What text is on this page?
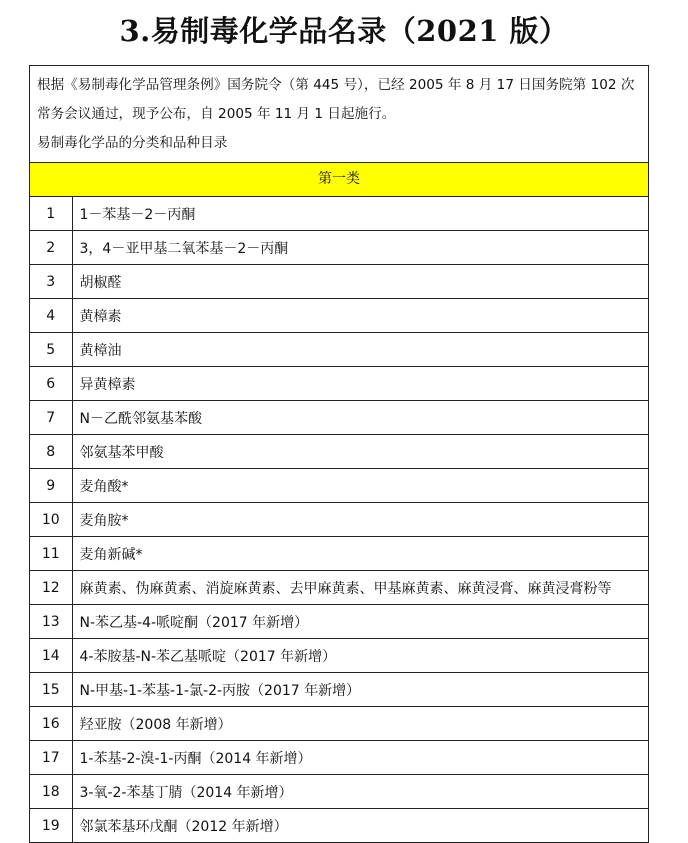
3.易制毒化学品名录（2021 版）

根据《易制毒化学品管理条例》国务院令（第 445 号），已经 2005 年 8 月 17 日国务院第 102 次常务会议通过，现予公布，自 2005 年 11 月 1 日起施行。

易制毒化学品的分类和品种目录

第一类
1	1－苯基－2－丙酮
2	3，4－亚甲基二氧苯基－2－丙酮
3	胡椒醛
4	黄樟素
5	黄樟油
6	异黄樟素
7	N－乙酰邻氨基苯酸
8	邻氨基苯甲酸
9	麦角酸*
10	麦角胺*
11	麦角新碱*
12	麻黄素、伪麻黄素、消旋麻黄素、去甲麻黄素、甲基麻黄素、麻黄浸膏、麻黄浸膏粉等
13	N-苯乙基-4-哌啶酮（2017 年新增）
14	4-苯胺基-N-苯乙基哌啶（2017 年新增）
15	N-甲基-1-苯基-1-氯-2-丙胺（2017 年新增）
16	羟亚胺（2008 年新增）
17	1-苯基-2-溴-1-丙酮（2014 年新增）
18	3-氧-2-苯基丁腈（2014 年新增）
19	邻氯苯基环戊酮（2012 年新增）
